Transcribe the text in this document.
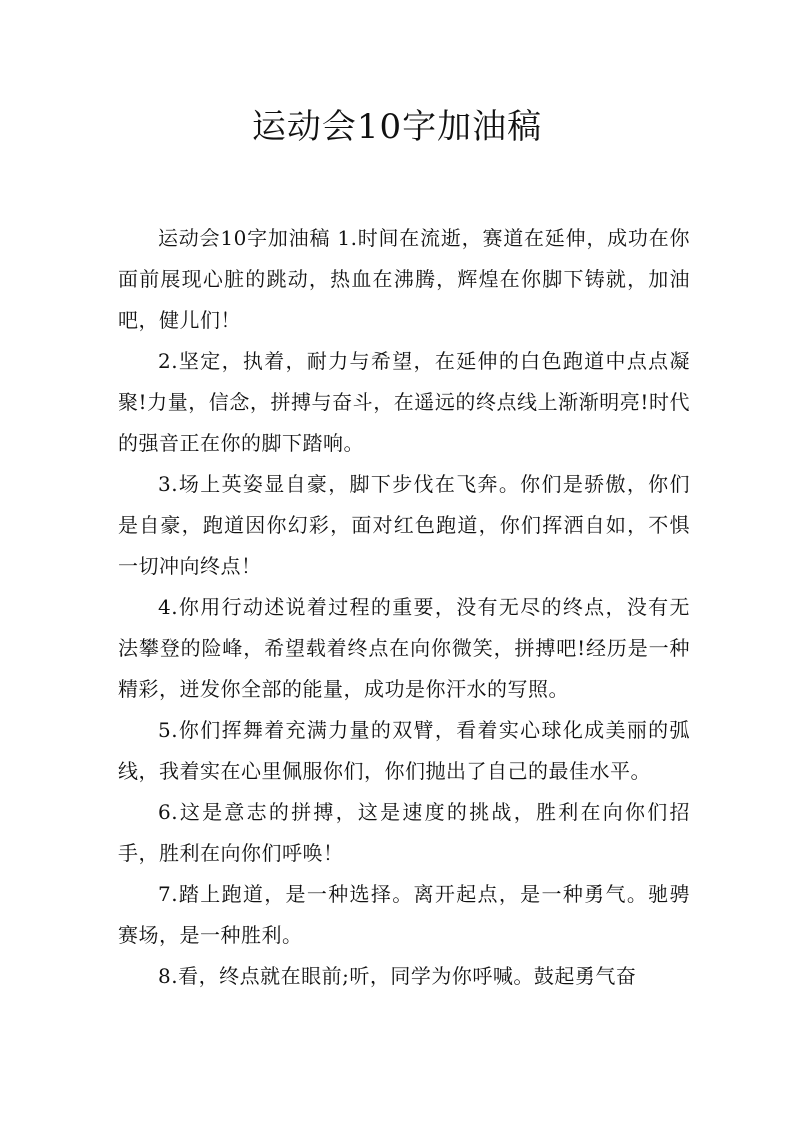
运动会10字加油稿

运动会10字加油稿 1.时间在流逝，赛道在延伸，成功在你面前展现心脏的跳动，热血在沸腾，辉煌在你脚下铸就，加油吧，健儿们！

2.坚定，执着，耐力与希望，在延伸的白色跑道中点点凝聚!力量，信念，拼搏与奋斗，在遥远的终点线上渐渐明亮!时代的强音正在你的脚下踏响。

3.场上英姿显自豪，脚下步伐在飞奔。你们是骄傲，你们是自豪，跑道因你幻彩，面对红色跑道，你们挥洒自如，不惧一切冲向终点！

4.你用行动述说着过程的重要，没有无尽的终点，没有无法攀登的险峰，希望载着终点在向你微笑，拼搏吧!经历是一种精彩，迸发你全部的能量，成功是你汗水的写照。

5.你们挥舞着充满力量的双臂，看着实心球化成美丽的弧线，我着实在心里佩服你们，你们抛出了自己的最佳水平。

6.这是意志的拼搏，这是速度的挑战，胜利在向你们招手，胜利在向你们呼唤！

7.踏上跑道，是一种选择。离开起点，是一种勇气。驰骋赛场，是一种胜利。

8.看，终点就在眼前;听，同学为你呼喊。鼓起勇气奋
